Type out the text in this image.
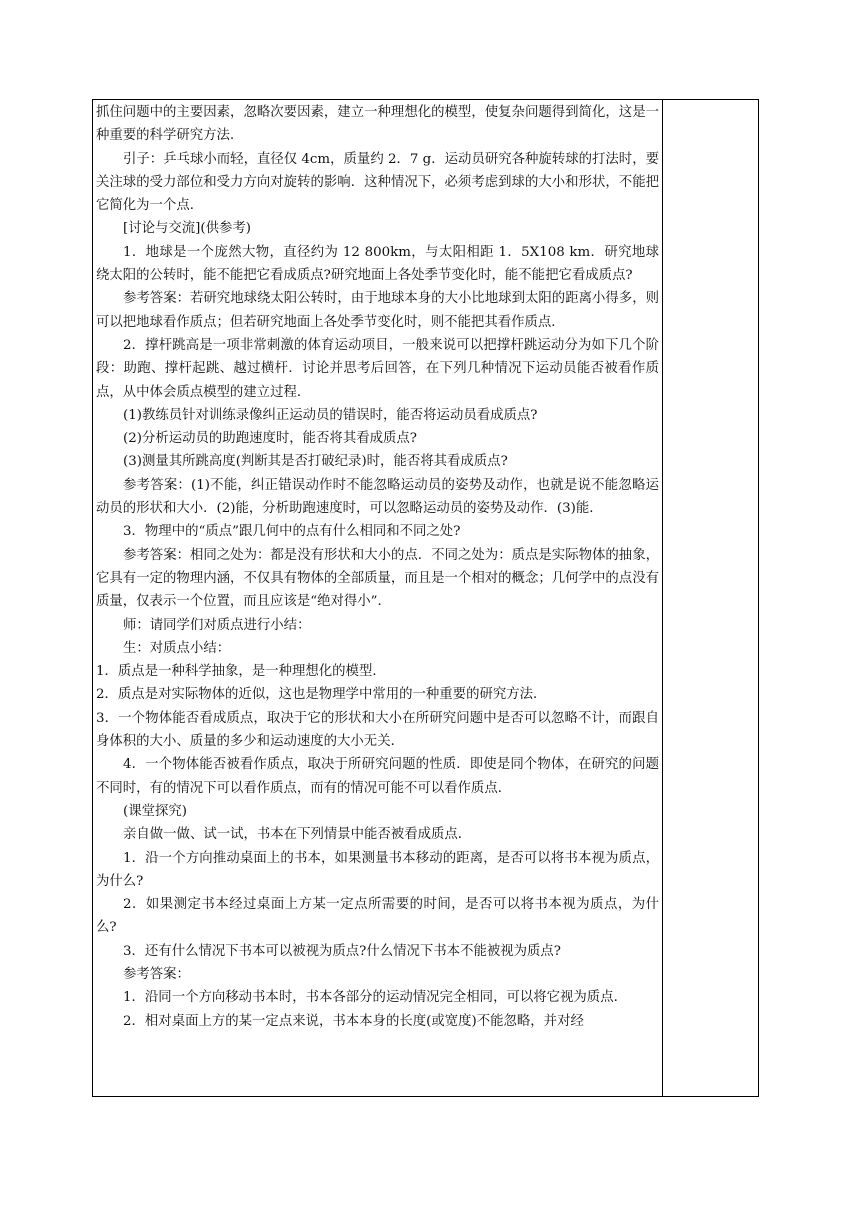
抓住问题中的主要因素，忽略次要因素，建立一种理想化的模型，使复杂问题得到简化，这是一种重要的科学研究方法.

引子：乒乓球小而轻，直径仅 4cm，质量约 2．7 g．运动员研究各种旋转球的打法时，要关注球的受力部位和受力方向对旋转的影响．这种情况下，必须考虑到球的大小和形状，不能把它简化为一个点．

[讨论与交流](供参考)

1．地球是一个庞然大物，直径约为 12 800km，与太阳相距 1．5X108 km．研究地球绕太阳的公转时，能不能把它看成质点?研究地面上各处季节变化时，能不能把它看成质点?

参考答案：若研究地球绕太阳公转时，由于地球本身的大小比地球到太阳的距离小得多，则可以把地球看作质点；但若研究地面上各处季节变化时，则不能把其看作质点．

2．撑杆跳高是一项非常刺激的体育运动项目，一般来说可以把撑杆跳运动分为如下几个阶段：助跑、撑杆起跳、越过横杆．讨论并思考后回答，在下列几种情况下运动员能否被看作质点，从中体会质点模型的建立过程．

(1)教练员针对训练录像纠正运动员的错误时，能否将运动员看成质点?

(2)分析运动员的助跑速度时，能否将其看成质点?

(3)测量其所跳高度(判断其是否打破纪录)时，能否将其看成质点?

参考答案：(1)不能，纠正错误动作时不能忽略运动员的姿势及动作，也就是说不能忽略运动员的形状和大小．(2)能，分析助跑速度时，可以忽略运动员的姿势及动作．(3)能．

3．物理中的“质点”跟几何中的点有什么相同和不同之处?

参考答案：相同之处为：都是没有形状和大小的点．不同之处为：质点是实际物体的抽象，它具有一定的物理内涵，不仅具有物体的全部质量，而且是一个相对的概念；几何学中的点没有质量，仅表示一个位置，而且应该是“绝对得小”．

师：请同学们对质点进行小结：

生：对质点小结：

1．质点是一种科学抽象，是一种理想化的模型．

2．质点是对实际物体的近似，这也是物理学中常用的一种重要的研究方法．

3．一个物体能否看成质点，取决于它的形状和大小在所研究问题中是否可以忽略不计，而跟自身体积的大小、质量的多少和运动速度的大小无关．

4．一个物体能否被看作质点，取决于所研究问题的性质．即使是同个物体，在研究的问题不同时，有的情况下可以看作质点，而有的情况可能不可以看作质点．

(课堂探究)

亲自做一做、试一试，书本在下列情景中能否被看成质点．

1．沿一个方向推动桌面上的书本，如果测量书本移动的距离，是否可以将书本视为质点，为什么?

2．如果测定书本经过桌面上方某一定点所需要的时间，是否可以将书本视为质点，为什么?

3．还有什么情况下书本可以被视为质点?什么情况下书本不能被视为质点?

参考答案：

1．沿同一个方向移动书本时，书本各部分的运动情况完全相同，可以将它视为质点．

2．相对桌面上方的某一定点来说，书本本身的长度(或宽度)不能忽略，并对经
